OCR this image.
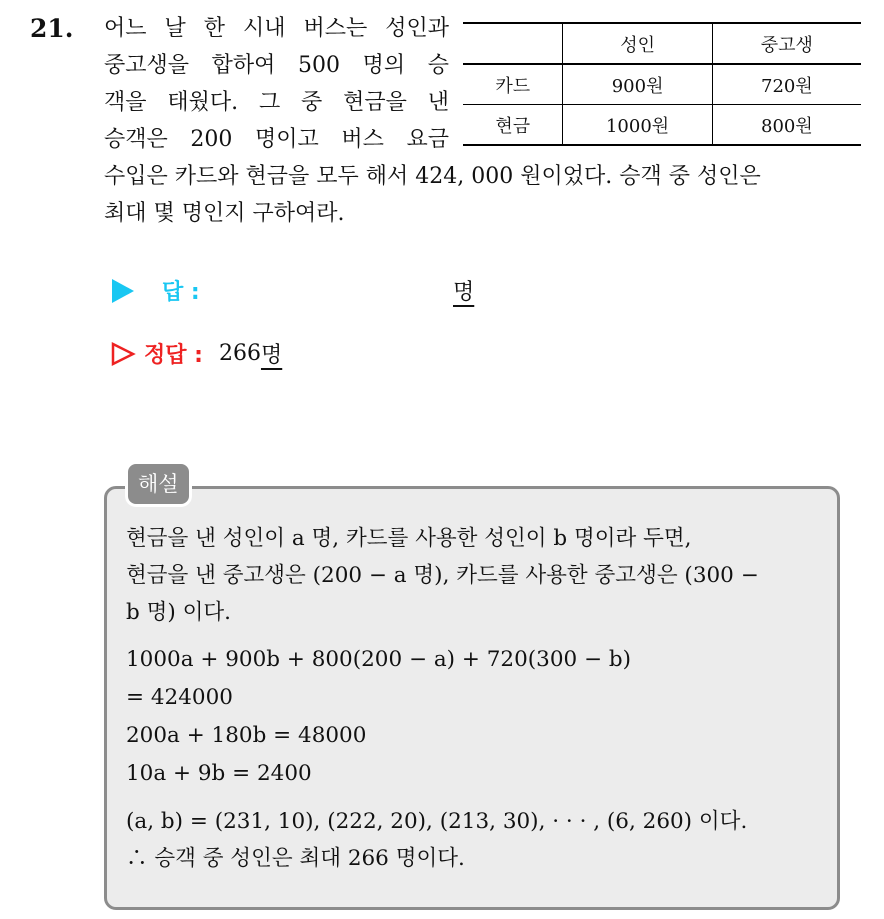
21. 어느 날 한 시내 버스는 성인과
중고생을 합하여 500 명의 승
객을 태웠다. 그 중 현금을 낸
승객은 200 명이고 버스 요금
수입은 카드와 현금을 모두 해서 424, 000 원이었다. 승객 중 성인은
최대 몇 명인지 구하여라.
	성인	중고생
카드	900원	720원
현금	1000원	800원
답 :	명
정답 : 266 명
해설
현금을 낸 성인이 a 명, 카드를 사용한 성인이 b 명이라 두면,
현금을 낸 중고생은 (200 − a 명), 카드를 사용한 중고생은 (300 −
b 명) 이다.
1000a + 900b + 800(200 − a) + 720(300 − b)
= 424000
200a + 180b = 48000
10a + 9b = 2400
(a, b) = (231, 10), (222, 20), (213, 30), · · · , (6, 260) 이다.
∴ 승객 중 성인은 최대 266 명이다.
